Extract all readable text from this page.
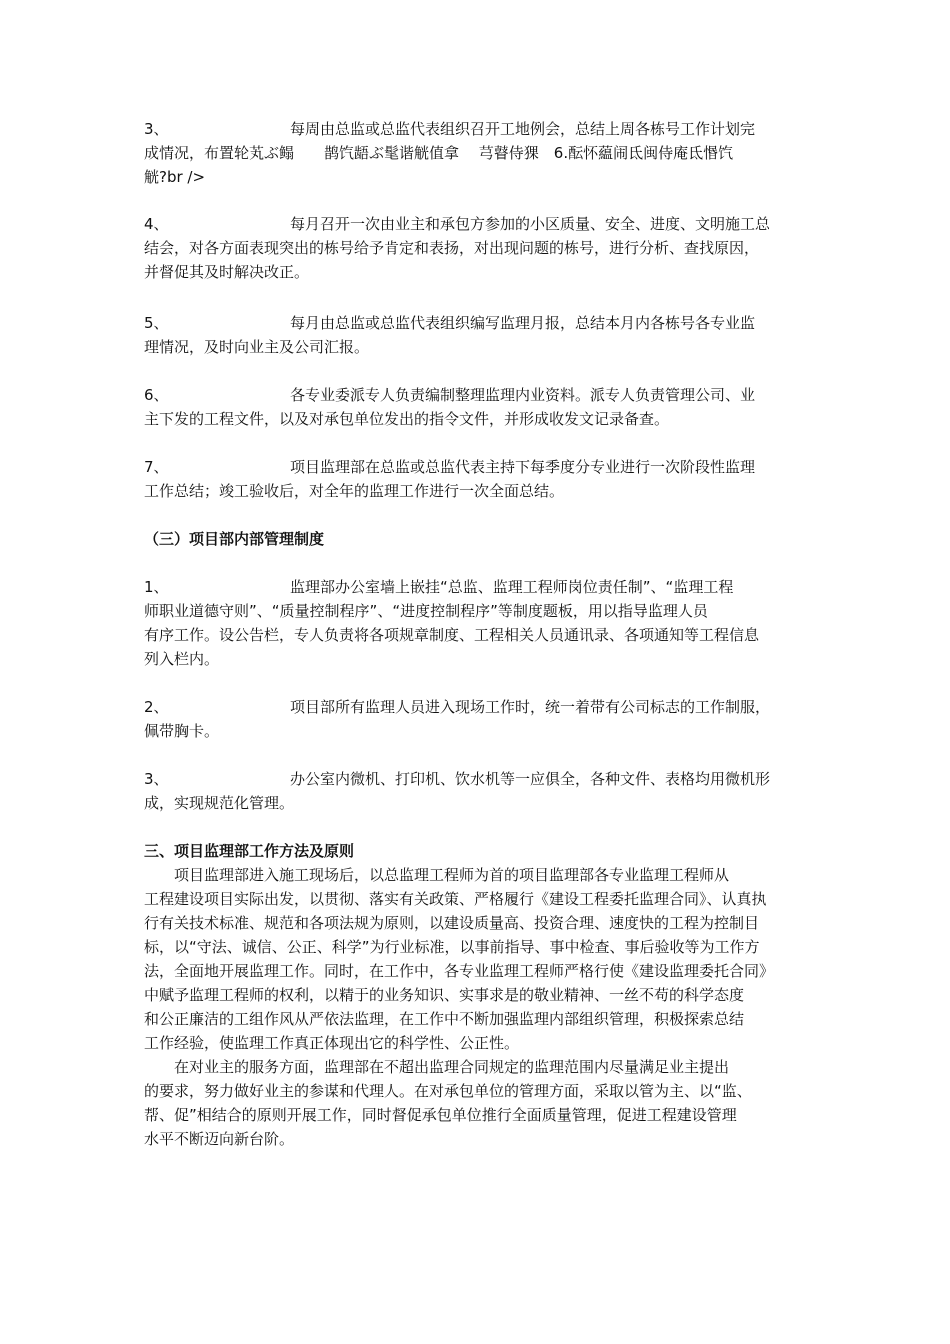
3、	每周由总监或总监代表组织召开工地例会，总结上周各栋号工作计划完
成情况，布置轮芄ぶ鳎　　鹊饩龉ぶ髦谐觥值拿　 芎瞽侍猓　6.酝怀藴闹氐闽侍庵氐惽饩
觥?br />
4、	每月召开一次由业主和承包方参加的小区质量、安全、进度、文明施工总
结会，对各方面表现突出的栋号给予肯定和表扬，对出现问题的栋号，进行分析、查找原因，
并督促其及时解决改正。
5、	每月由总监或总监代表组织编写监理月报，总结本月内各栋号各专业监
理情况，及时向业主及公司汇报。
6、	各专业委派专人负责编制整理监理内业资料。派专人负责管理公司、业
主下发的工程文件，以及对承包单位发出的指令文件，并形成收发文记录备查。
7、	项目监理部在总监或总监代表主持下每季度分专业进行一次阶段性监理
工作总结；竣工验收后，对全年的监理工作进行一次全面总结。
（三）项目部内部管理制度
1、	监理部办公室墙上嵌挂“总监、监理工程师岗位责任制”、“监理工程
师职业道德守则”、“质量控制程序”、“进度控制程序”等制度题板，用以指导监理人员
有序工作。设公告栏，专人负责将各项规章制度、工程相关人员通讯录、各项通知等工程信息
列入栏内。
2、	项目部所有监理人员进入现场工作时，统一着带有公司标志的工作制服，
佩带胸卡。
3、	办公室内微机、打印机、饮水机等一应俱全，各种文件、表格均用微机形
成，实现规范化管理。
三、项目监理部工作方法及原则
　　项目监理部进入施工现场后，以总监理工程师为首的项目监理部各专业监理工程师从
工程建设项目实际出发，以贯彻、落实有关政策、严格履行《建设工程委托监理合同》、认真执
行有关技术标准、规范和各项法规为原则，以建设质量高、投资合理、速度快的工程为控制目
标，以“守法、诚信、公正、科学”为行业标准，以事前指导、事中检查、事后验收等为工作方
法，全面地开展监理工作。同时，在工作中，各专业监理工程师严格行使《建设监理委托合同》
中赋予监理工程师的权利，以精于的业务知识、实事求是的敬业精神、一丝不苟的科学态度
和公正廉洁的工组作风从严依法监理，在工作中不断加强监理内部组织管理，积极探索总结
工作经验，使监理工作真正体现出它的科学性、公正性。
　　在对业主的服务方面，监理部在不超出监理合同规定的监理范围内尽量满足业主提出
的要求，努力做好业主的参谋和代理人。在对承包单位的管理方面，采取以管为主、以“监、
帮、促”相结合的原则开展工作，同时督促承包单位推行全面质量管理，促进工程建设管理
水平不断迈向新台阶。
